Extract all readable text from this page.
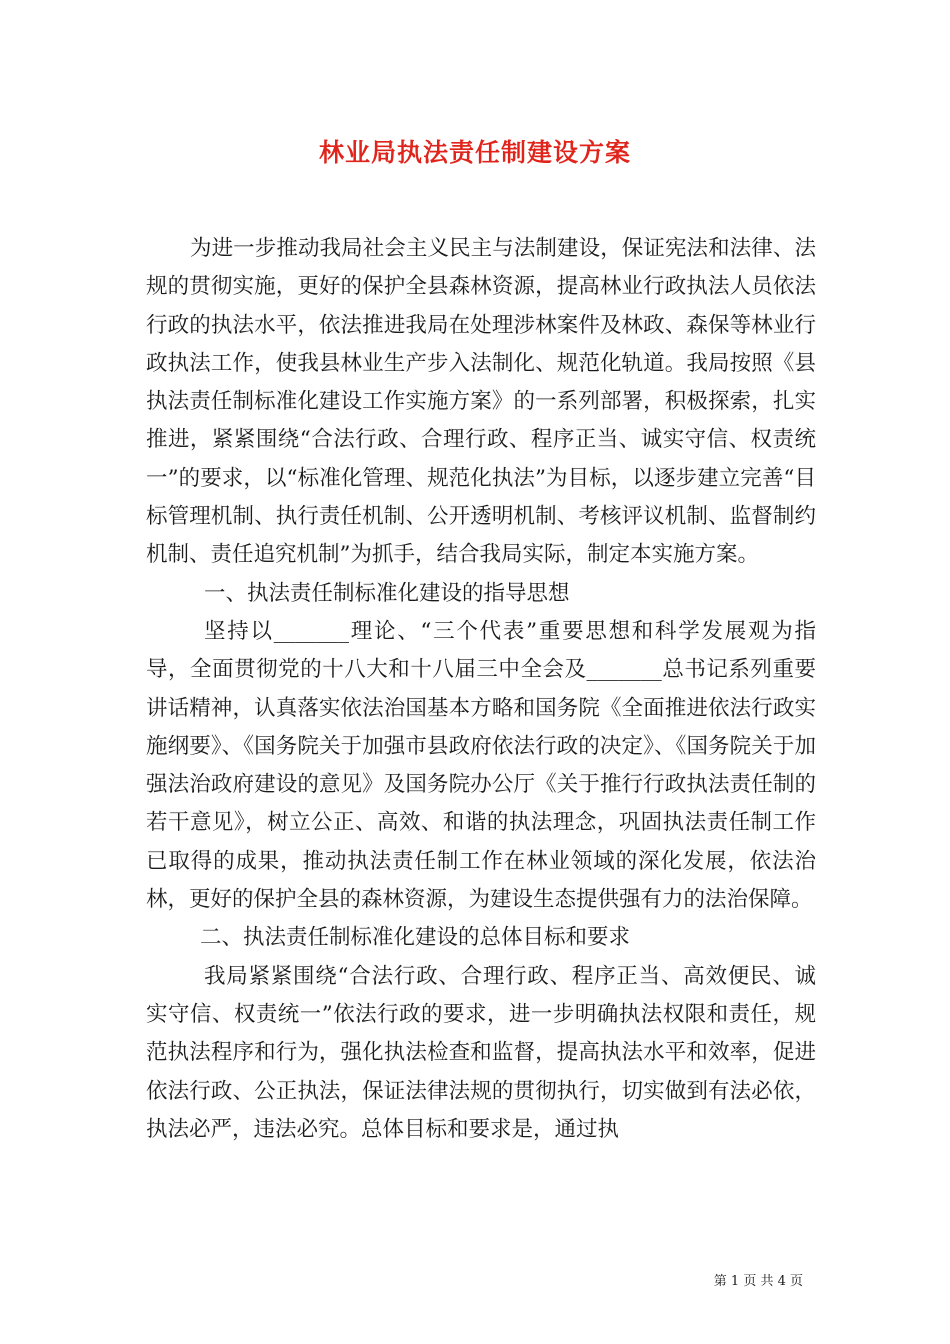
林业局执法责任制建设方案

为进一步推动我局社会主义民主与法制建设，保证宪法和法律、法规的贯彻实施，更好的保护全县森林资源，提高林业行政执法人员依法行政的执法水平，依法推进我局在处理涉林案件及林政、森保等林业行政执法工作，使我县林业生产步入法制化、规范化轨道。我局按照《县执法责任制标准化建设工作实施方案》的一系列部署，积极探索，扎实推进，紧紧围绕“合法行政、合理行政、程序正当、诚实守信、权责统一”的要求，以“标准化管理、规范化执法”为目标，以逐步建立完善“目标管理机制、执行责任机制、公开透明机制、考核评议机制、监督制约机制、责任追究机制”为抓手，结合我局实际，制定本实施方案。

一、执法责任制标准化建设的指导思想

坚持以_______理论、“三个代表”重要思想和科学发展观为指导，全面贯彻党的十八大和十八届三中全会及_______总书记系列重要讲话精神，认真落实依法治国基本方略和国务院《全面推进依法行政实施纲要》、《国务院关于加强市县政府依法行政的决定》、《国务院关于加强法治政府建设的意见》及国务院办公厅《关于推行行政执法责任制的若干意见》，树立公正、高效、和谐的执法理念，巩固执法责任制工作已取得的成果，推动执法责任制工作在林业领域的深化发展，依法治林，更好的保护全县的森林资源，为建设生态提供强有力的法治保障。

二、执法责任制标准化建设的总体目标和要求

我局紧紧围绕“合法行政、合理行政、程序正当、高效便民、诚实守信、权责统一”依法行政的要求，进一步明确执法权限和责任，规范执法程序和行为，强化执法检查和监督，提高执法水平和效率，促进依法行政、公正执法，保证法律法规的贯彻执行，切实做到有法必依，执法必严，违法必究。总体目标和要求是，通过执

第 1 页 共 4 页
